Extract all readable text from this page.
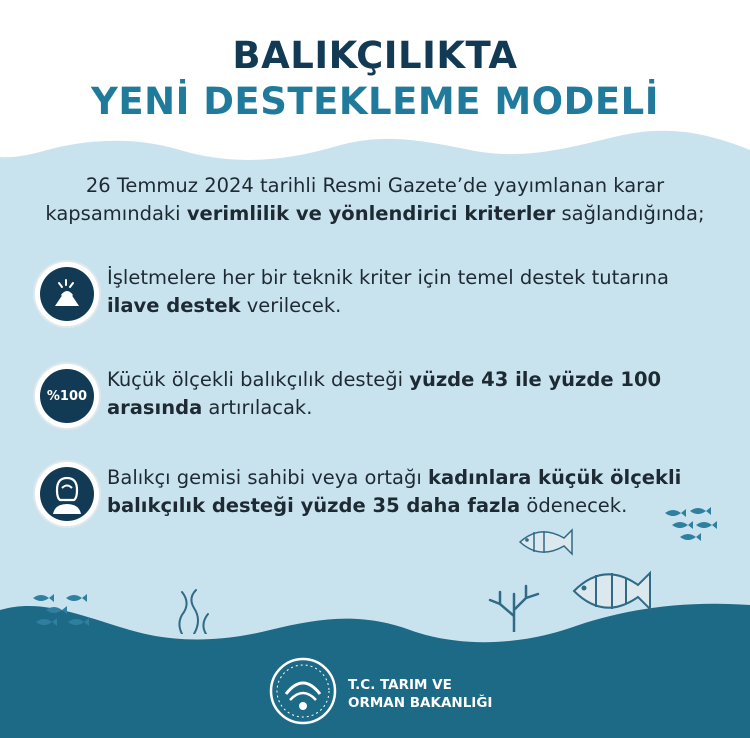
BALIKÇILIKTA
YENİ DESTEKLEME MODELİ
26 Temmuz 2024 tarihli Resmi Gazete’de yayımlanan karar kapsamındaki verimlilik ve yönlendirici kriterler sağlandığında;
İşletmelere her bir teknik kriter için temel destek tutarına ilave destek verilecek.
%100
Küçük ölçekli balıkçılık desteği yüzde 43 ile yüzde 100 arasında artırılacak.
Balıkçı gemisi sahibi veya ortağı kadınlara küçük ölçekli balıkçılık desteği yüzde 35 daha fazla ödenecek.
T.C. TARIM VE
ORMAN BAKANLIĞI
